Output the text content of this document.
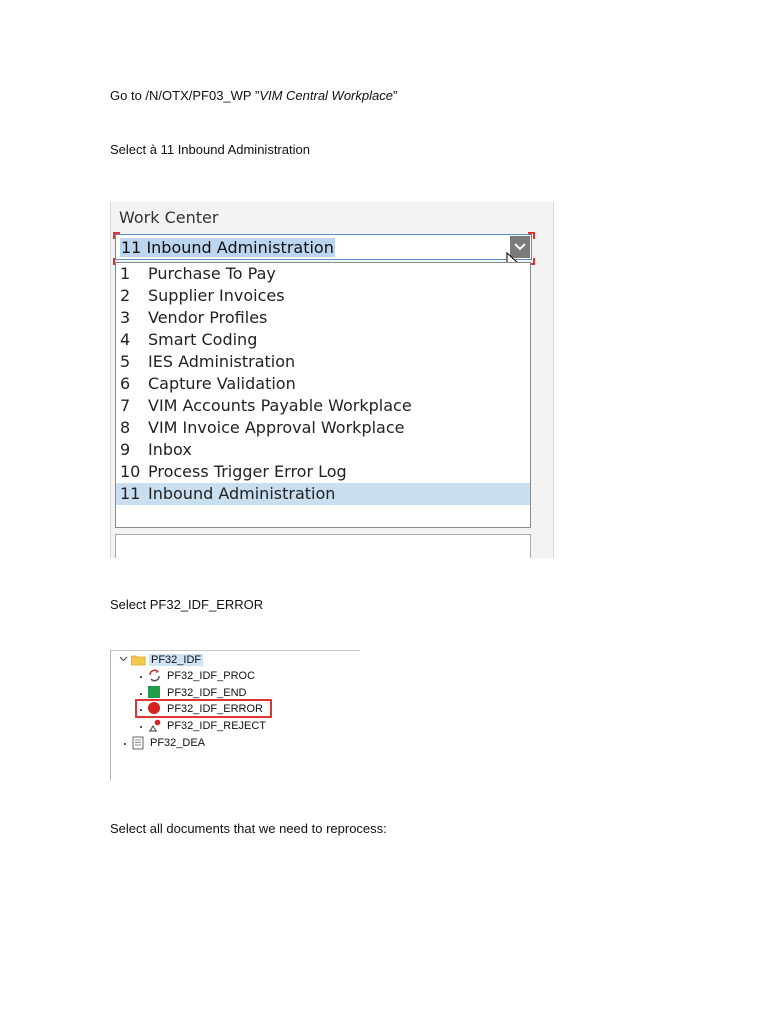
Go to /N/OTX/PF03_WP ”VIM Central Workplace”
Select à 11 Inbound Administration
Work Center
11 Inbound Administration
1 Purchase To Pay
2 Supplier Invoices
3 Vendor Profiles
4 Smart Coding
5 IES Administration
6 Capture Validation
7 VIM Accounts Payable Workplace
8 VIM Invoice Approval Workplace
9 Inbox
10 Process Trigger Error Log
11 Inbound Administration
Select PF32_IDF_ERROR
PF32_IDF
PF32_IDF_PROC
PF32_IDF_END
PF32_IDF_ERROR
PF32_IDF_REJECT
PF32_DEA
Select all documents that we need to reprocess:
